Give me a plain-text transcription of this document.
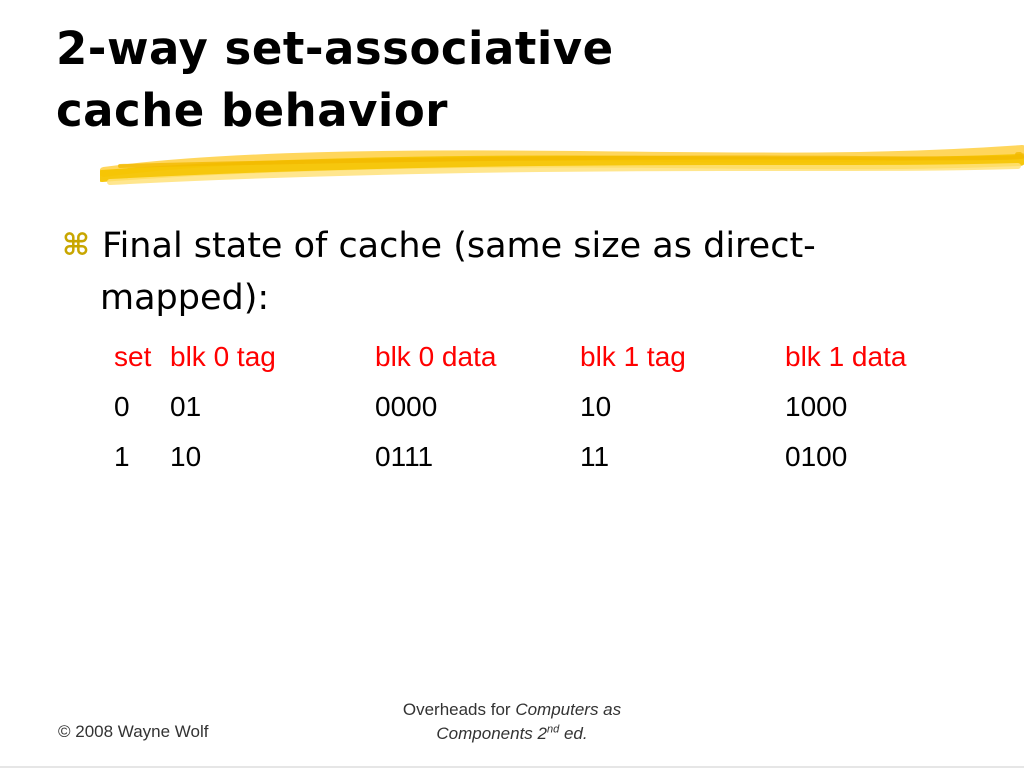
2-way set-associative
cache behavior
⌘ Final state of cache (same size as direct-
mapped):
set	blk 0 tag	blk 0 data	blk 1 tag	blk 1 data
0	01	0000	10	1000
1	10	0111	11	0100
© 2008 Wayne Wolf
Overheads for Computers as
Components 2nd ed.
